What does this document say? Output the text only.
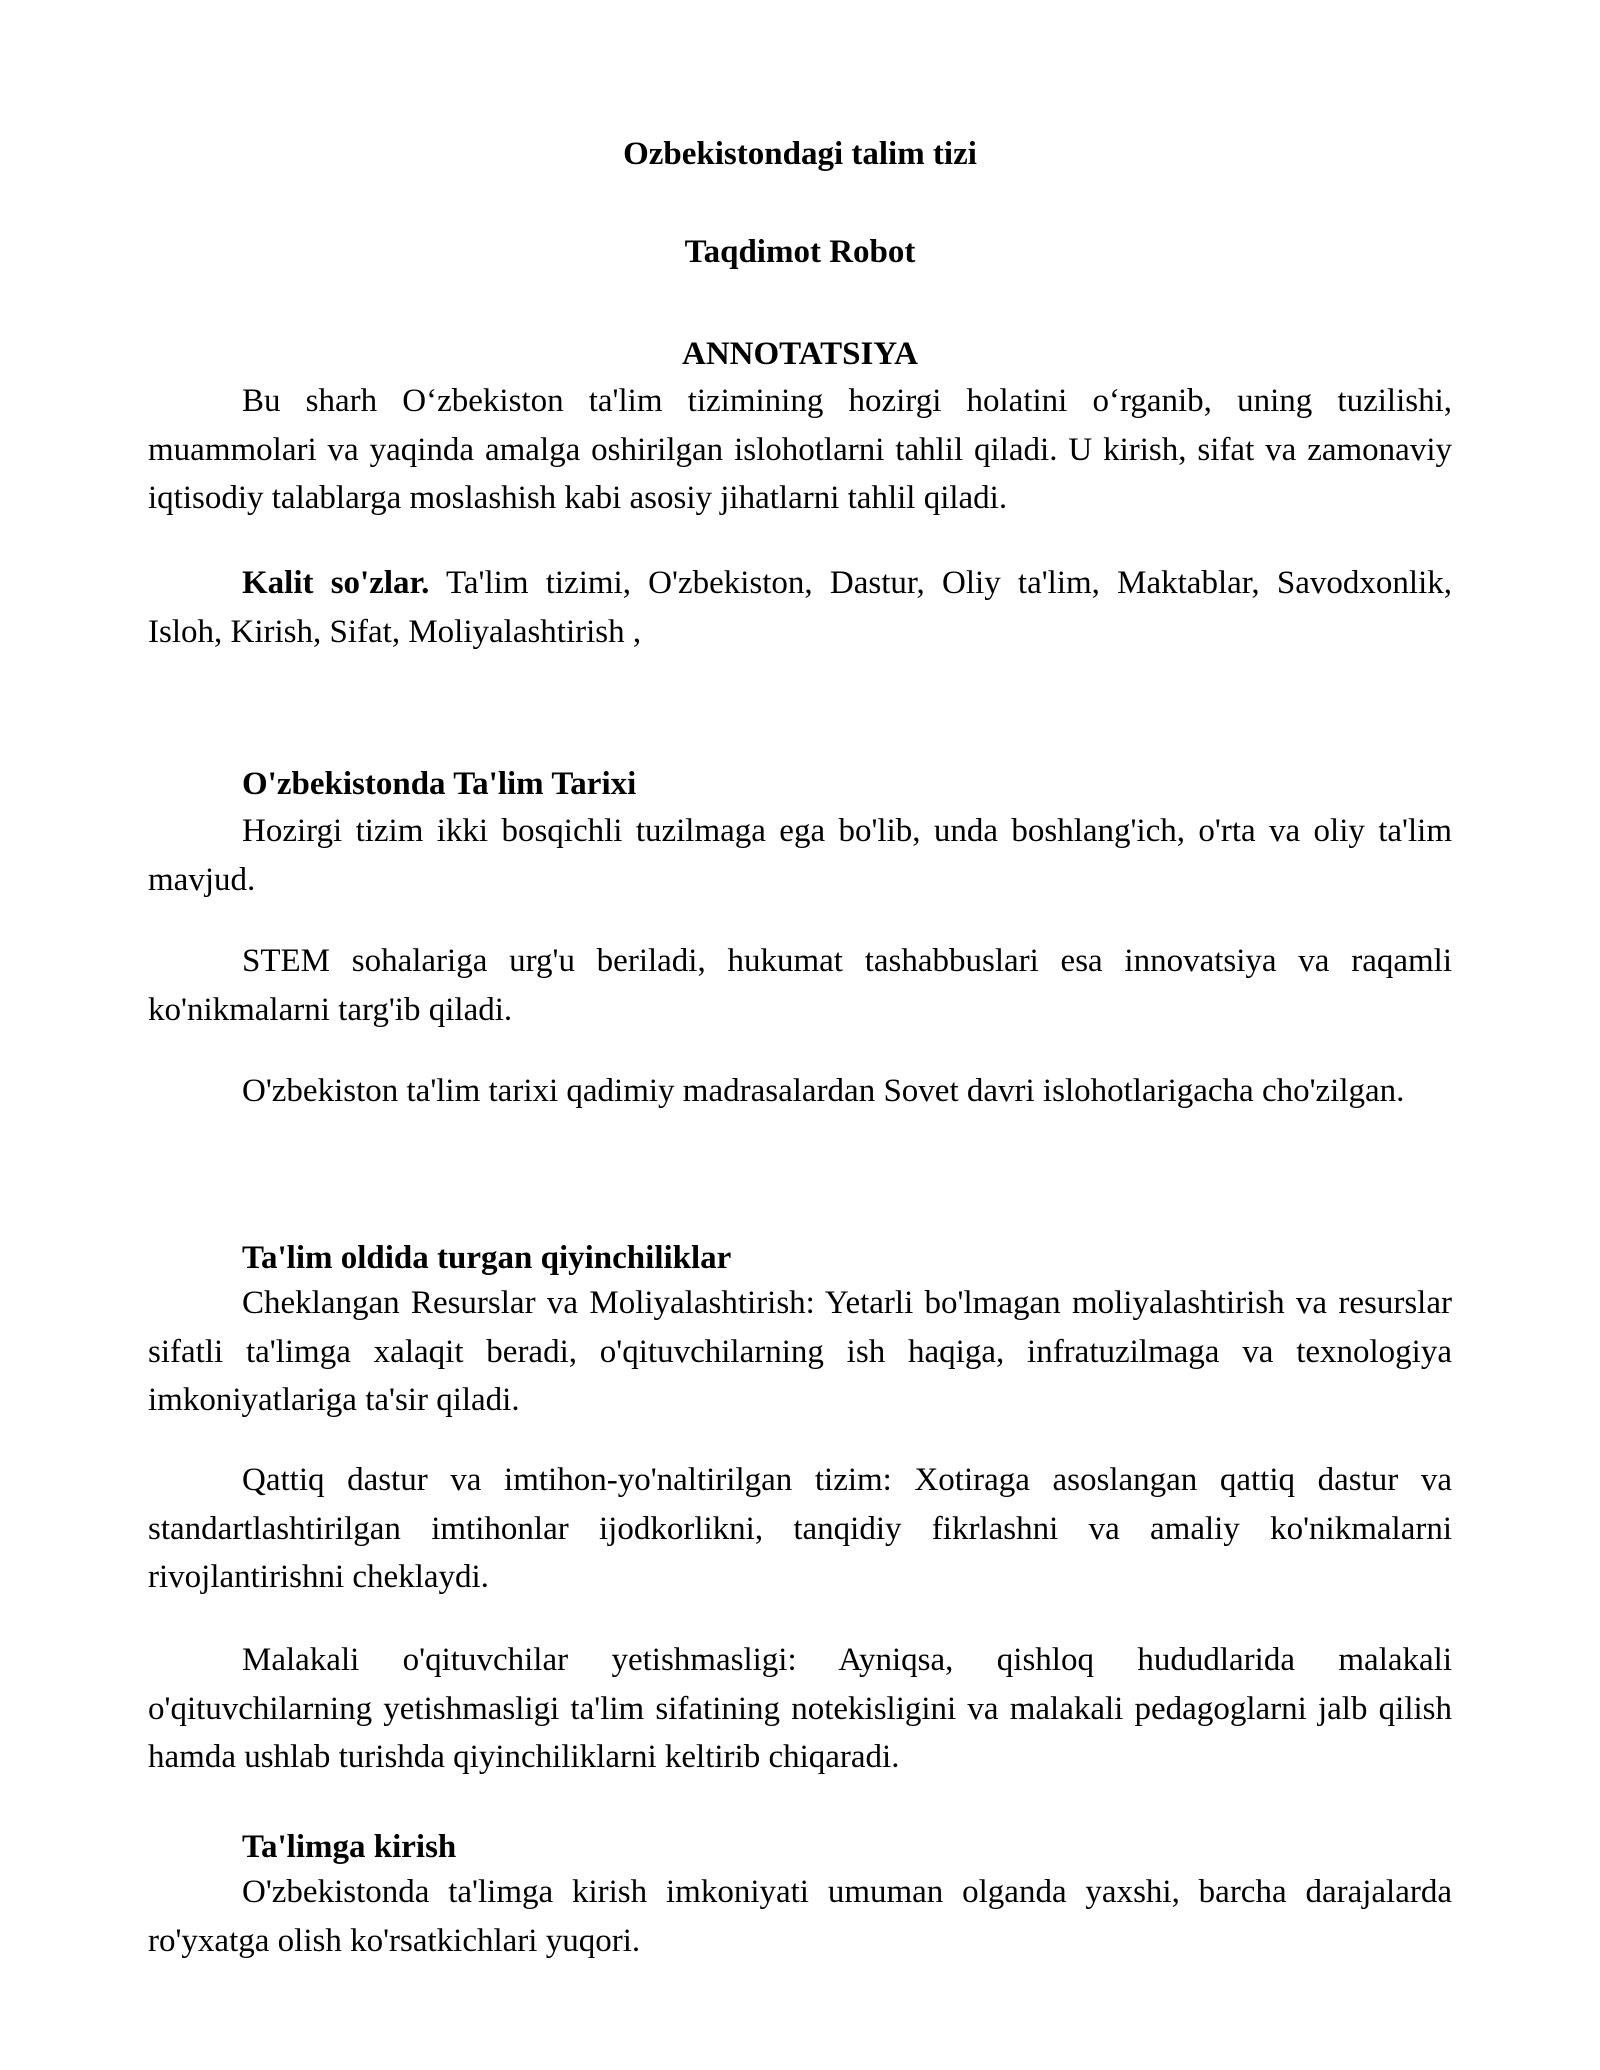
Ozbekistondagi talim tizi
Taqdimot Robot
ANNOTATSIYA

Bu sharh O‘zbekiston ta'lim tizimining hozirgi holatini o‘rganib, uning tuzilishi, muammolari va yaqinda amalga oshirilgan islohotlarni tahlil qiladi. U kirish, sifat va zamonaviy iqtisodiy talablarga moslashish kabi asosiy jihatlarni tahlil qiladi.

Kalit so'zlar. Ta'lim tizimi, O'zbekiston, Dastur, Oliy ta'lim, Maktablar, Savodxonlik, Isloh, Kirish, Sifat, Moliyalashtirish ,

O'zbekistonda Ta'lim Tarixi

Hozirgi tizim ikki bosqichli tuzilmaga ega bo'lib, unda boshlang'ich, o'rta va oliy ta'lim mavjud.

STEM sohalariga urg'u beriladi, hukumat tashabbuslari esa innovatsiya va raqamli ko'nikmalarni targ'ib qiladi.

O'zbekiston ta'lim tarixi qadimiy madrasalardan Sovet davri islohotlarigacha cho'zilgan.

Ta'lim oldida turgan qiyinchiliklar

Cheklangan Resurslar va Moliyalashtirish: Yetarli bo'lmagan moliyalashtirish va resurslar sifatli ta'limga xalaqit beradi, o'qituvchilarning ish haqiga, infratuzilmaga va texnologiya imkoniyatlariga ta'sir qiladi.

Qattiq dastur va imtihon-yo'naltirilgan tizim: Xotiraga asoslangan qattiq dastur va standartlashtirilgan imtihonlar ijodkorlikni, tanqidiy fikrlashni va amaliy ko'nikmalarni rivojlantirishni cheklaydi.

Malakali o'qituvchilar yetishmasligi: Ayniqsa, qishloq hududlarida malakali o'qituvchilarning yetishmasligi ta'lim sifatining notekisligini va malakali pedagoglarni jalb qilish hamda ushlab turishda qiyinchiliklarni keltirib chiqaradi.

Ta'limga kirish

O'zbekistonda ta'limga kirish imkoniyati umuman olganda yaxshi, barcha darajalarda ro'yxatga olish ko'rsatkichlari yuqori.
